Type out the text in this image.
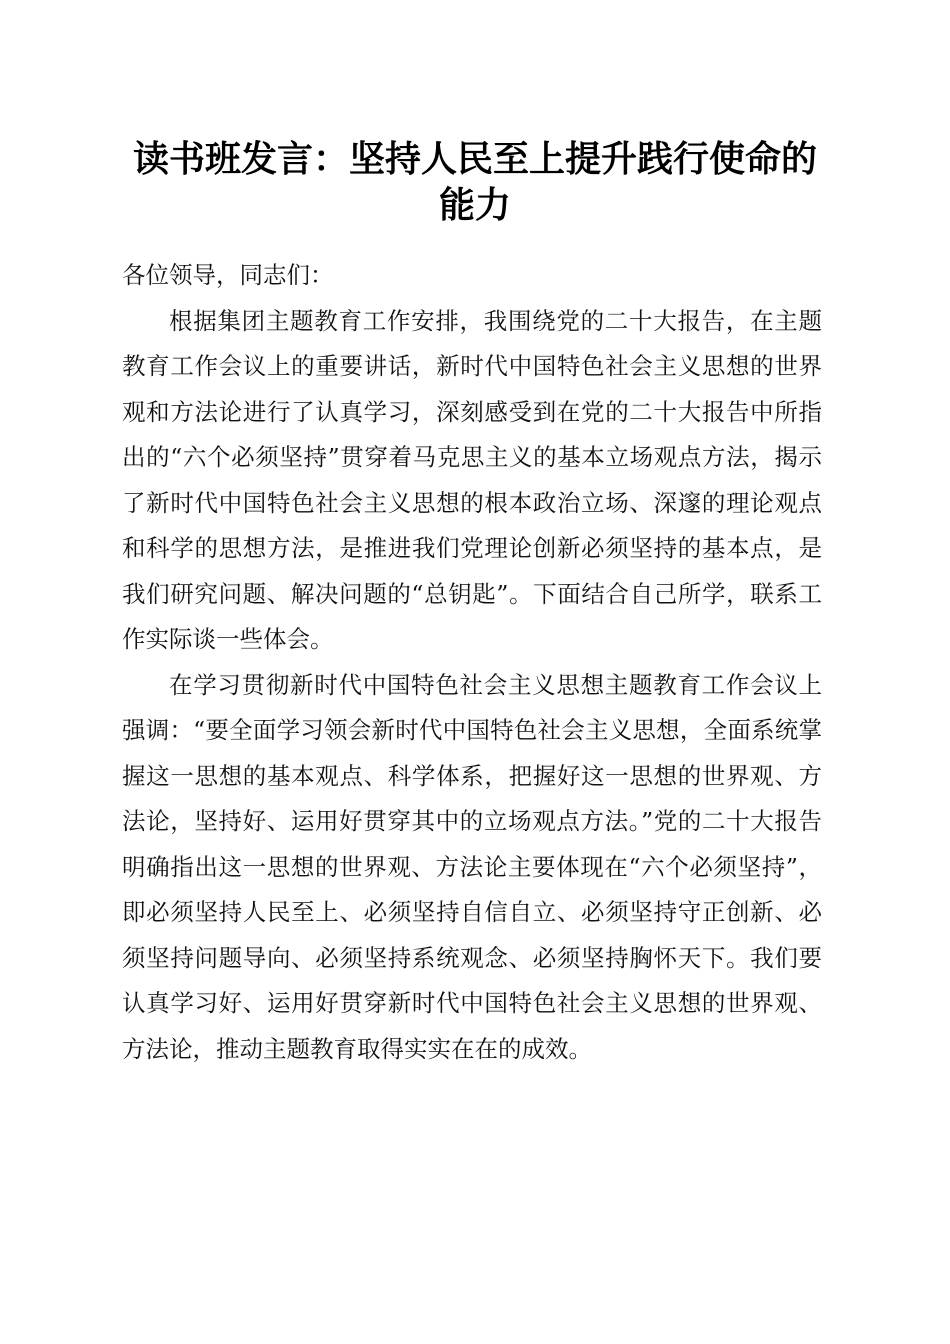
读书班发言：坚持人民至上提升践行使命的能力

各位领导，同志们：

根据集团主题教育工作安排，我围绕党的二十大报告，在主题教育工作会议上的重要讲话，新时代中国特色社会主义思想的世界观和方法论进行了认真学习，深刻感受到在党的二十大报告中所指出的“六个必须坚持”贯穿着马克思主义的基本立场观点方法，揭示了新时代中国特色社会主义思想的根本政治立场、深邃的理论观点和科学的思想方法，是推进我们党理论创新必须坚持的基本点，是我们研究问题、解决问题的“总钥匙”。下面结合自己所学，联系工作实际谈一些体会。

在学习贯彻新时代中国特色社会主义思想主题教育工作会议上强调：“要全面学习领会新时代中国特色社会主义思想，全面系统掌握这一思想的基本观点、科学体系，把握好这一思想的世界观、方法论，坚持好、运用好贯穿其中的立场观点方法。”党的二十大报告明确指出这一思想的世界观、方法论主要体现在“六个必须坚持”，即必须坚持人民至上、必须坚持自信自立、必须坚持守正创新、必须坚持问题导向、必须坚持系统观念、必须坚持胸怀天下。我们要认真学习好、运用好贯穿新时代中国特色社会主义思想的世界观、方法论，推动主题教育取得实实在在的成效。
